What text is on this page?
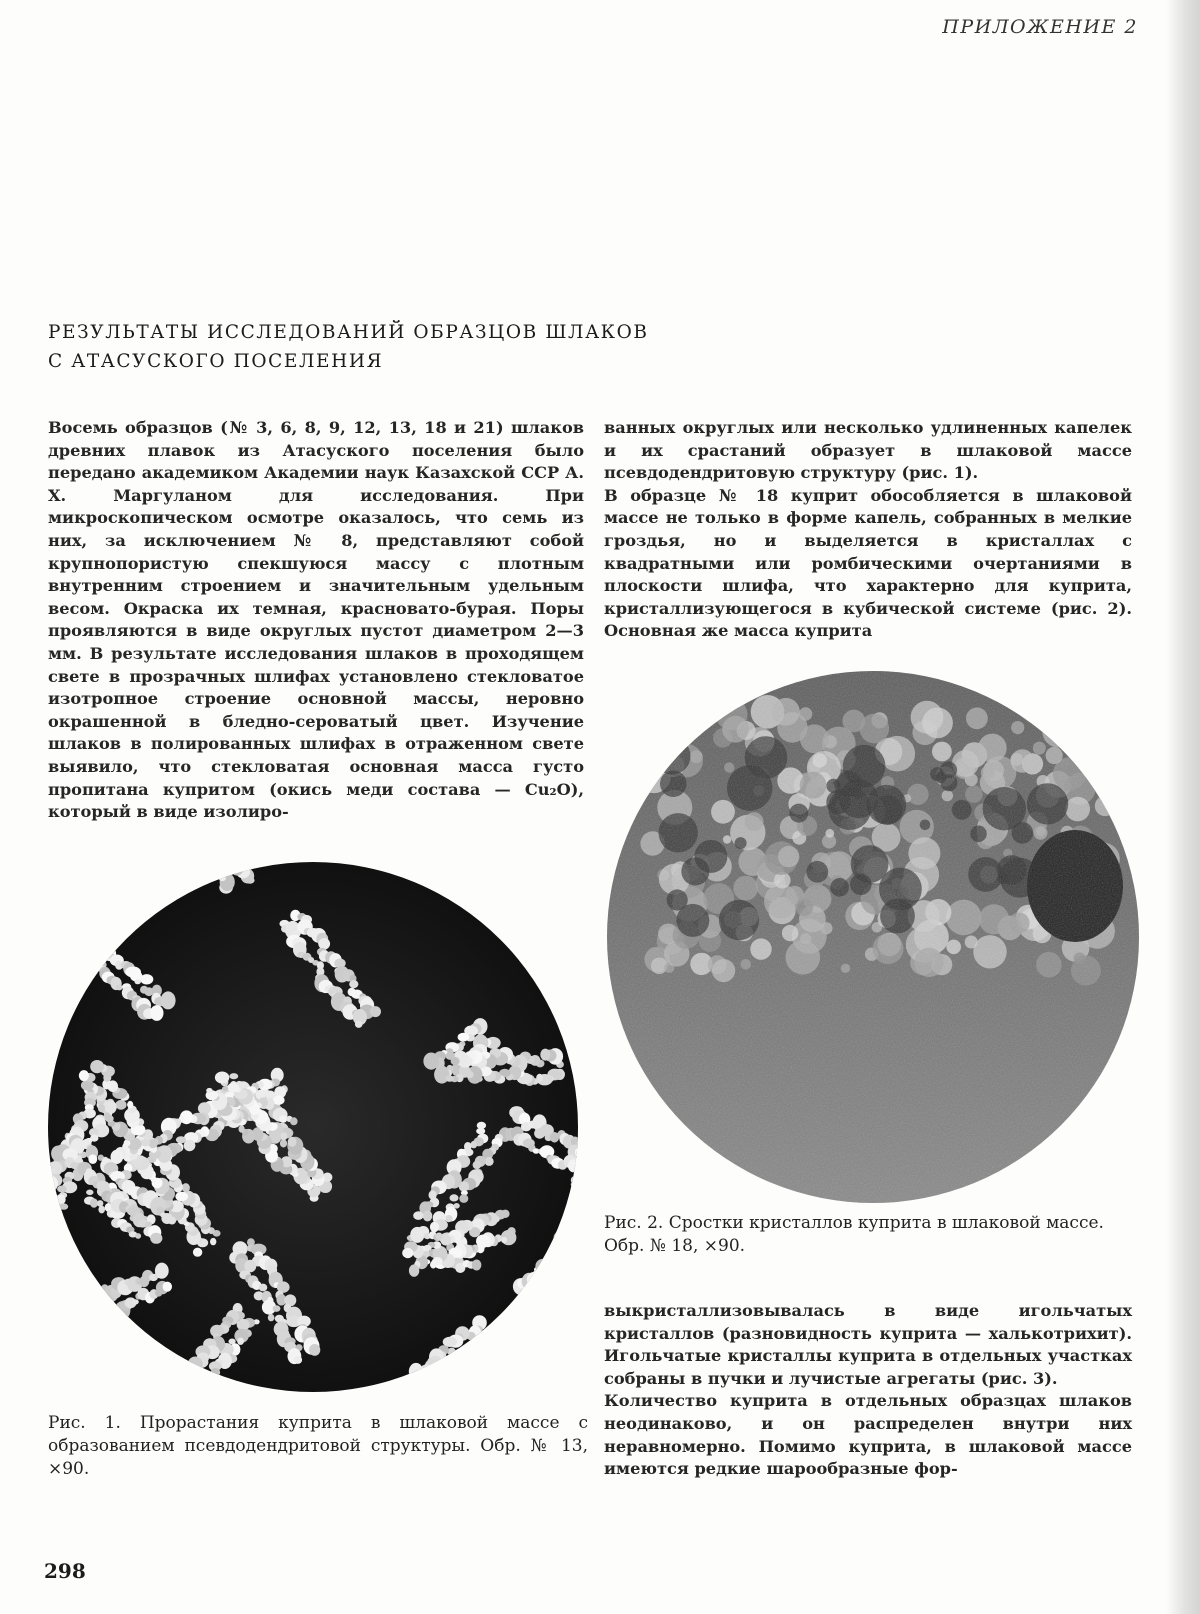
ПРИЛОЖЕНИЕ 2
РЕЗУЛЬТАТЫ ИССЛЕДОВАНИЙ ОБРАЗЦОВ ШЛАКОВ
С АТАСУСКОГО ПОСЕЛЕНИЯ

Восемь образцов (№ 3, 6, 8, 9, 12, 13, 18 и 21) шлаков древних плавок из Атасуского поселения было передано академиком Академии наук Казахской ССР А. Х. Маргуланом для исследования. При микроскопическом осмотре оказалось, что семь из них, за исключением № 8, представляют собой крупнопористую спекшуюся массу с плотным внутренним строением и значительным удельным весом. Окраска их темная, красновато-бурая. Поры проявляются в виде округлых пустот диаметром 2—3 мм. В результате исследования шлаков в проходящем свете в прозрачных шлифах установлено стекловатое изотропное строение основной массы, неровно окрашенной в бледно-сероватый цвет. Изучение шлаков в полированных шлифах в отраженном свете выявило, что стекловатая основная масса густо пропитана купритом (окись меди состава — Cu₂O), который в виде изолиро-

ванных округлых или несколько удлиненных капелек и их срастаний образует в шлаковой массе псевдодендритовую структуру (рис. 1).

В образце № 18 куприт обособляется в шлаковой массе не только в форме капель, собранных в мелкие гроздья, но и выделяется в кристаллах с квадратными или ромбическими очертаниями в плоскости шлифа, что характерно для куприта, кристаллизующегося в кубической системе (рис. 2). Основная же масса куприта

Рис. 1. Прорастания куприта в шлаковой массе с образованием псевдодендритовой структуры. Обр. № 13, ×90.
Рис. 2. Сростки кристаллов куприта в шлаковой массе. Обр. № 18, ×90.

выкристаллизовывалась в виде игольчатых кристаллов (разновидность куприта — халькотрихит). Игольчатые кристаллы куприта в отдельных участках собраны в пучки и лучистые агрегаты (рис. 3).

Количество куприта в отдельных образцах шлаков неодинаково, и он распределен внутри них неравномерно. Помимо куприта, в шлаковой массе имеются редкие шарообразные фор-

298
